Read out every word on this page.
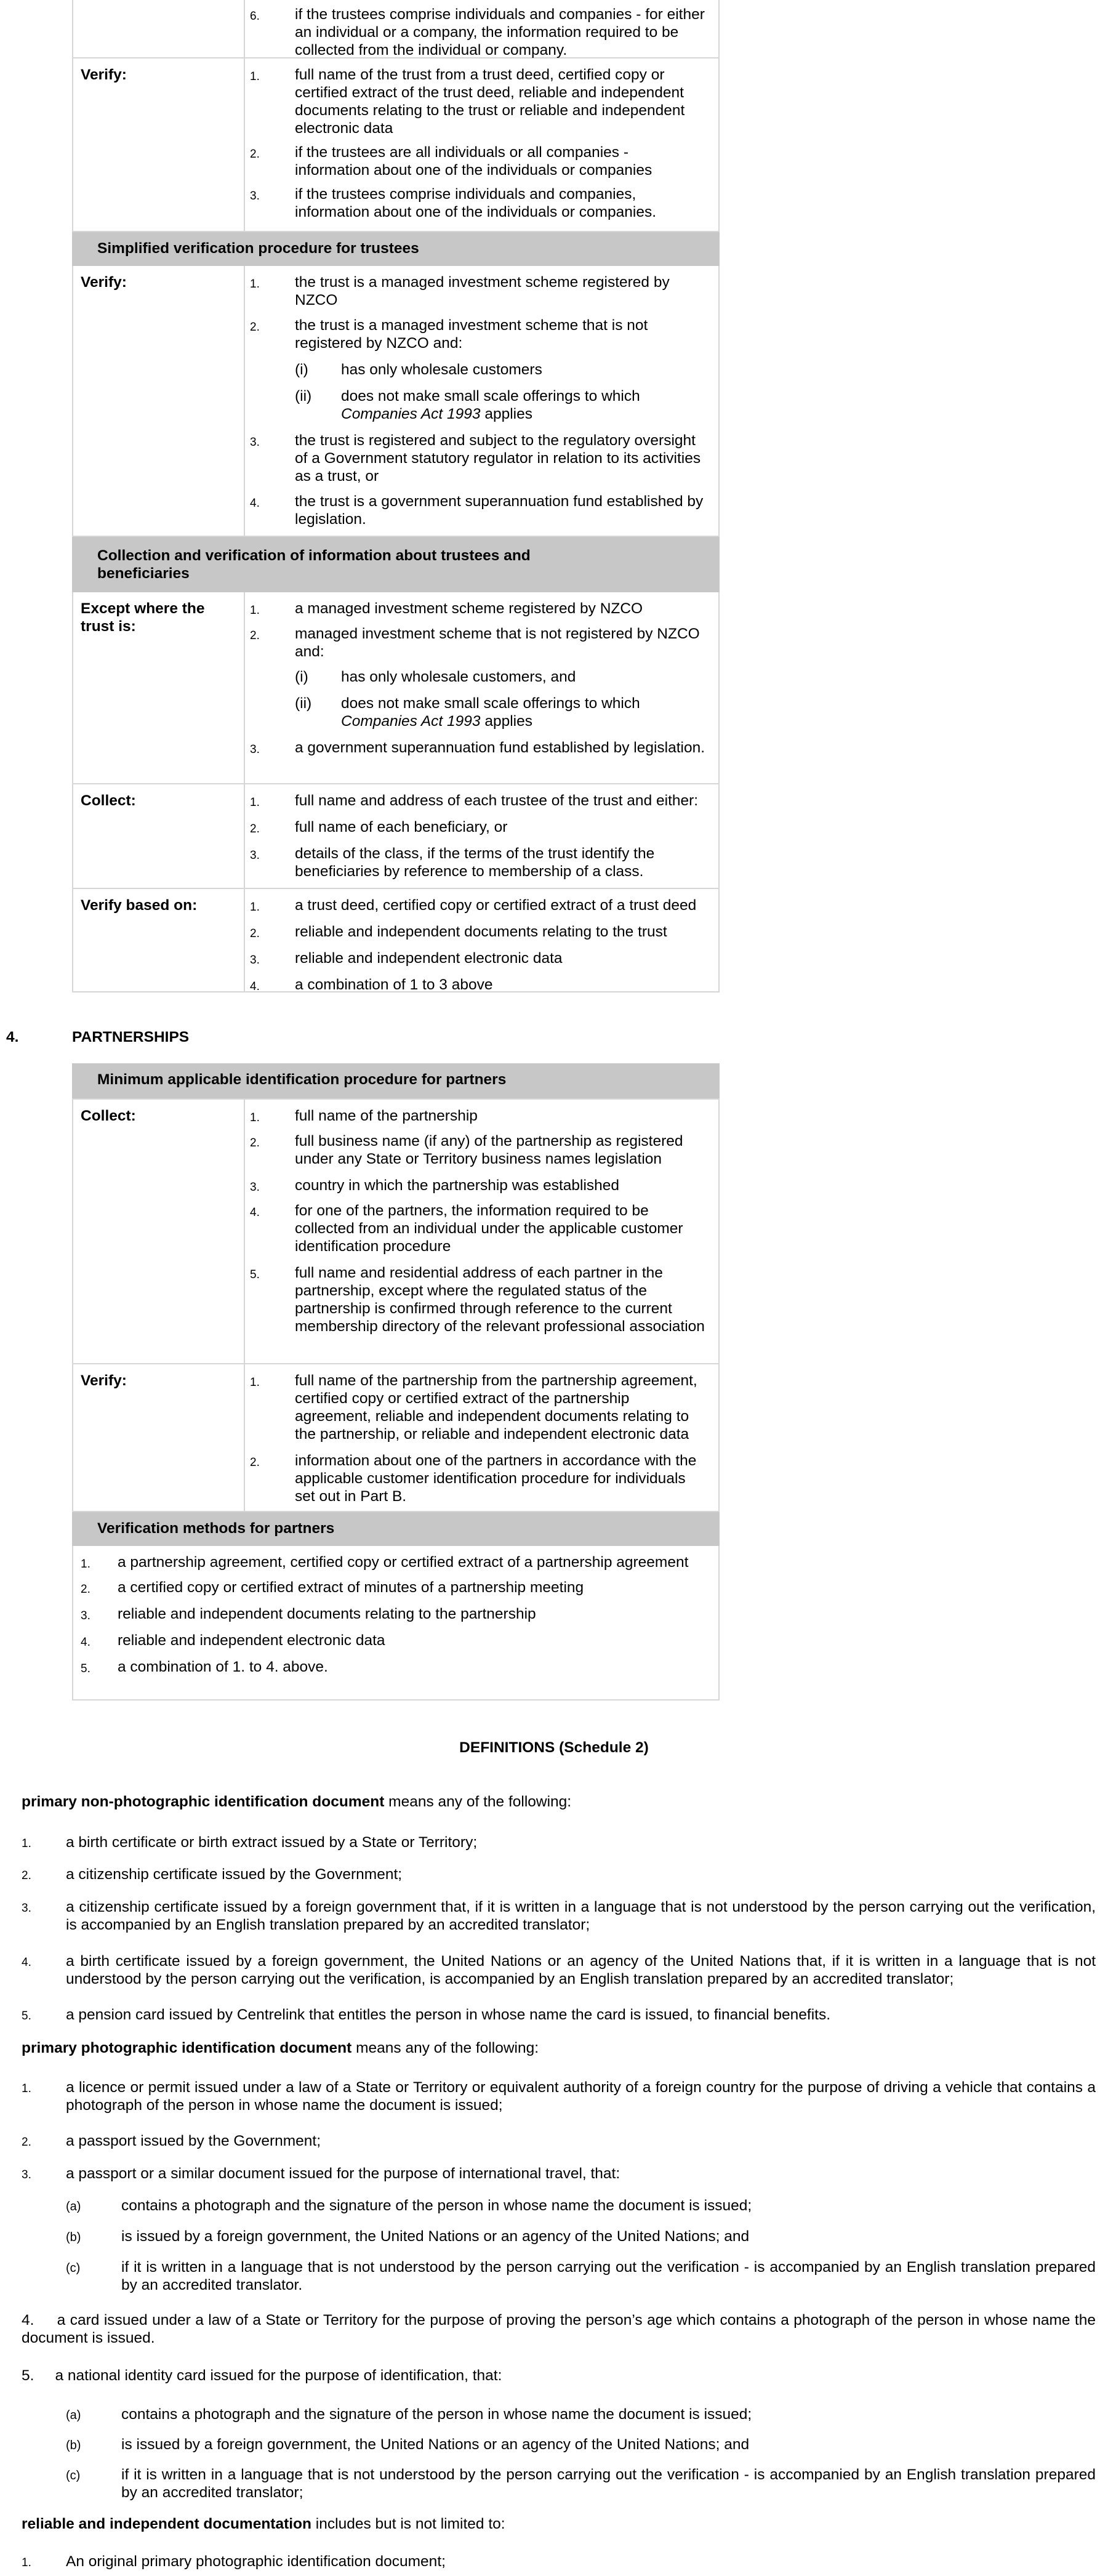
6. if the trustees comprise individuals and companies - for either an individual or a company, the information required to be collected from the individual or company.
Verify:	1. full name of the trust from a trust deed, certified copy or certified extract of the trust deed, reliable and independent documents relating to the trust or reliable and independent electronic data
2. if the trustees are all individuals or all companies - information about one of the individuals or companies
3. if the trustees comprise individuals and companies, information about one of the individuals or companies.
Simplified verification procedure for trustees
Verify:	1. the trust is a managed investment scheme registered by NZCO
2. the trust is a managed investment scheme that is not registered by NZCO and:
(i) has only wholesale customers
(ii) does not make small scale offerings to which Companies Act 1993 applies
3. the trust is registered and subject to the regulatory oversight of a Government statutory regulator in relation to its activities as a trust, or
4. the trust is a government superannuation fund established by legislation.
Collection and verification of information about trustees and beneficiaries
Except where the trust is:
1. a managed investment scheme registered by NZCO
2. managed investment scheme that is not registered by NZCO and:
(i) has only wholesale customers, and
(ii) does not make small scale offerings to which Companies Act 1993 applies
3. a government superannuation fund established by legislation.
Collect:	1. full name and address of each trustee of the trust and either:
2. full name of each beneficiary, or
3. details of the class, if the terms of the trust identify the beneficiaries by reference to membership of a class.
Verify based on:	1. a trust deed, certified copy or certified extract of a trust deed
2. reliable and independent documents relating to the trust
3. reliable and independent electronic data
4. a combination of 1 to 3 above
4.	PARTNERSHIPS
Minimum applicable identification procedure for partners
Collect:	1. full name of the partnership
2. full business name (if any) of the partnership as registered under any State or Territory business names legislation
3. country in which the partnership was established
4. for one of the partners, the information required to be collected from an individual under the applicable customer identification procedure
5. full name and residential address of each partner in the partnership, except where the regulated status of the partnership is confirmed through reference to the current membership directory of the relevant professional association
Verify:	1. full name of the partnership from the partnership agreement, certified copy or certified extract of the partnership agreement, reliable and independent documents relating to the partnership, or reliable and independent electronic data
2. information about one of the partners in accordance with the applicable customer identification procedure for individuals set out in Part B.
Verification methods for partners
1. a partnership agreement, certified copy or certified extract of a partnership agreement
2. a certified copy or certified extract of minutes of a partnership meeting
3. reliable and independent documents relating to the partnership
4. reliable and independent electronic data
5. a combination of 1. to 4. above.
DEFINITIONS (Schedule 2)
primary non-photographic identification document means any of the following:
1. a birth certificate or birth extract issued by a State or Territory;
2. a citizenship certificate issued by the Government;
3. a citizenship certificate issued by a foreign government that, if it is written in a language that is not understood by the person carrying out the verification, is accompanied by an English translation prepared by an accredited translator;
4. a birth certificate issued by a foreign government, the United Nations or an agency of the United Nations that, if it is written in a language that is not understood by the person carrying out the verification, is accompanied by an English translation prepared by an accredited translator;
5. a pension card issued by Centrelink that entitles the person in whose name the card is issued, to financial benefits.
primary photographic identification document means any of the following:
1. a licence or permit issued under a law of a State or Territory or equivalent authority of a foreign country for the purpose of driving a vehicle that contains a photograph of the person in whose name the document is issued;
2. a passport issued by the Government;
3. a passport or a similar document issued for the purpose of international travel, that:
(a)	contains a photograph and the signature of the person in whose name the document is issued;
(b)	is issued by a foreign government, the United Nations or an agency of the United Nations; and
(c)	if it is written in a language that is not understood by the person carrying out the verification - is accompanied by an English translation prepared by an accredited translator.
4. a card issued under a law of a State or Territory for the purpose of proving the person’s age which contains a photograph of the person in whose name the document is issued.
5. a national identity card issued for the purpose of identification, that:
(a)	contains a photograph and the signature of the person in whose name the document is issued;
(b)	is issued by a foreign government, the United Nations or an agency of the United Nations; and
(c)	if it is written in a language that is not understood by the person carrying out the verification - is accompanied by an English translation prepared by an accredited translator;
reliable and independent documentation includes but is not limited to:
1. An original primary photographic identification document;
